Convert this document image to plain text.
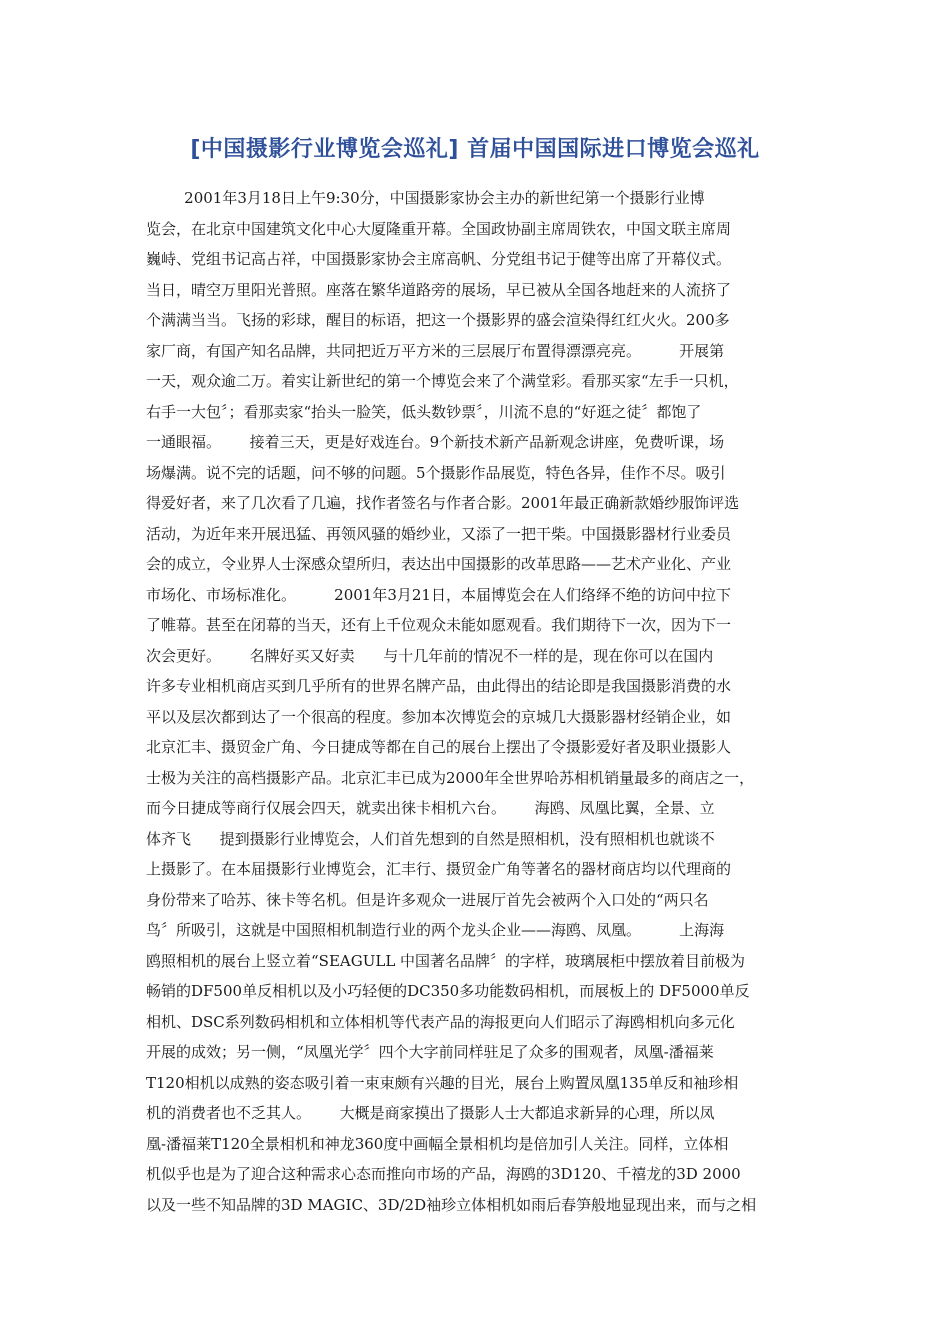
[中国摄影行业博览会巡礼] 首届中国国际进口博览会巡礼
2001年3月18日上午9:30分，中国摄影家协会主办的新世纪第一个摄影行业博
览会，在北京中国建筑文化中心大厦隆重开幕。全国政协副主席周铁农，中国文联主席周
巍峙、党组书记高占祥，中国摄影家协会主席高帆、分党组书记于健等出席了开幕仪式。
当日，晴空万里阳光普照。座落在繁华道路旁的展场，早已被从全国各地赶来的人流挤了
个满满当当。飞扬的彩球，醒目的标语，把这一个摄影界的盛会渲染得红红火火。200多
家厂商，有国产知名品牌，共同把近万平方米的三层展厅布置得漂漂亮亮。        开展第
一天，观众逾二万。着实让新世纪的第一个博览会来了个满堂彩。看那买家“左手一只机，
右手一大包〞；看那卖家“抬头一脸笑，低头数钞票〞，川流不息的“好逛之徒〞都饱了
一通眼福。      接着三天，更是好戏连台。9个新技术新产品新观念讲座，免费听课，场
场爆满。说不完的话题，问不够的问题。5个摄影作品展览，特色各异，佳作不尽。吸引
得爱好者，来了几次看了几遍，找作者签名与作者合影。2001年最正确新款婚纱服饰评选
活动，为近年来开展迅猛、再领风骚的婚纱业，又添了一把干柴。中国摄影器材行业委员
会的成立，令业界人士深感众望所归，表达出中国摄影的改革思路——艺术产业化、产业
市场化、市场标准化。        2001年3月21日，本届博览会在人们络绎不绝的访问中拉下
了帷幕。甚至在闭幕的当天，还有上千位观众未能如愿观看。我们期待下一次，因为下一
次会更好。      名牌好买又好卖      与十几年前的情况不一样的是，现在你可以在国内
许多专业相机商店买到几乎所有的世界名牌产品，由此得出的结论即是我国摄影消费的水
平以及层次都到达了一个很高的程度。参加本次博览会的京城几大摄影器材经销企业，如
北京汇丰、摄贸金广角、今日捷成等都在自己的展台上摆出了令摄影爱好者及职业摄影人
士极为关注的高档摄影产品。北京汇丰已成为2000年全世界哈苏相机销量最多的商店之一，
而今日捷成等商行仅展会四天，就卖出徕卡相机六台。      海鸥、凤凰比翼，全景、立
体齐飞      提到摄影行业博览会，人们首先想到的自然是照相机，没有照相机也就谈不
上摄影了。在本届摄影行业博览会，汇丰行、摄贸金广角等著名的器材商店均以代理商的
身份带来了哈苏、徕卡等名机。但是许多观众一进展厅首先会被两个入口处的“两只名
鸟〞所吸引，这就是中国照相机制造行业的两个龙头企业——海鸥、凤凰。        上海海
鸥照相机的展台上竖立着“SEAGULL 中国著名品牌〞的字样，玻璃展柜中摆放着目前极为
畅销的DF500单反相机以及小巧轻便的DC350多功能数码相机，而展板上的 DF5000单反
相机、DSC系列数码相机和立体相机等代表产品的海报更向人们昭示了海鸥相机向多元化
开展的成效；另一侧，“凤凰光学〞四个大字前同样驻足了众多的围观者，凤凰-潘福莱
T120相机以成熟的姿态吸引着一束束颇有兴趣的目光，展台上购置凤凰135单反和袖珍相
机的消费者也不乏其人。      大概是商家摸出了摄影人士大都追求新异的心理，所以凤
凰-潘福莱T120全景相机和神龙360度中画幅全景相机均是倍加引人关注。同样，立体相
机似乎也是为了迎合这种需求心态而推向市场的产品，海鸥的3D120、千禧龙的3D 2000
以及一些不知品牌的3D MAGIC、3D/2D袖珍立体相机如雨后春笋般地显现出来，而与之相
